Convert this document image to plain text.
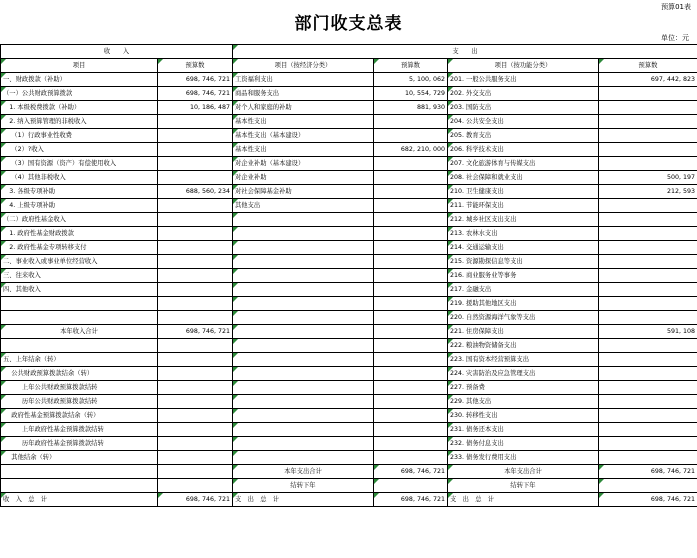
预算01表
部门收支总表
单位：元
收　　入		支　　出			
项目	预算数	项目（按经济分类）	预算数	项目（按功能分类）	预算数
一、财政拨款（补助）	698, 746, 721	工资福利支出	5, 100, 062	201. 一般公共服务支出	697, 442, 823
（一）公共财政预算拨款	698, 746, 721	商品和服务支出	10, 554, 729	202. 外交支出	
　1. 本级税费拨款（补助）	10, 186, 487	对个人和家庭的补助	881, 930	203. 国防支出	
　2. 纳入预算管理的非税收入		基本性支出		204. 公共安全支出	
　 （1）行政事业性收费		基本性支出（基本建设）		205. 教育支出	
　 （2）?收入		基本性支出	682, 210, 000	206. 科学技术支出	
　 （3）国有资源（资产）有偿使用收入		对企业补助（基本建设）		207. 文化旅游体育与传媒支出	
　 （4）其他非税收入		对企业补助		208. 社会保障和就业支出	500, 197
　3. 各级专项补助	688, 560, 234	对社会保障基金补助		210. 卫生健康支出	212, 593
　4. 上级专项补助		其他支出		211. 节能环保支出	
（二）政府性基金收入				212. 城乡社区支出支出	
　1. 政府性基金财政拨款				213. 农林水支出	
　2. 政府性基金专项转移支付				214. 交通运输支出	
二、事业收入或事业单位经营收入				215. 资源勘探信息等支出	
三、往来收入				216. 商业服务业等事务	
四、其他收入				217. 金融支出	
				219. 援助其他地区支出	
				220. 自然资源海洋气象等支出	
本年收入合计	698, 746, 721			221. 住房保障支出	591, 108
				222. 粮油物资储备支出	
五、上年结余（转）				223. 国有资本经营预算支出	
　 公共财政预算拨款结余（转）				224. 灾害防治及应急管理支出	
　　　上年公共财政预算拨款结转				227. 预备费	
　　　历年公共财政预算拨款结转				229. 其他支出	
　 政府性基金预算拨款结余（转）				230. 转移性支出	
　　　上年政府性基金预算拨款结转				231. 债务还本支出	
　　　历年政府性基金预算拨款结转				232. 债务付息支出	
　 其他结余（转）				233. 债务发行费用支出	
		本年支出合计	698, 746, 721	本年支出合计	698, 746, 721
		结转下年		结转下年	
收　入　总　计	698, 746, 721	支　出　总　计	698, 746, 721	支　出　总　计	698, 746, 721
